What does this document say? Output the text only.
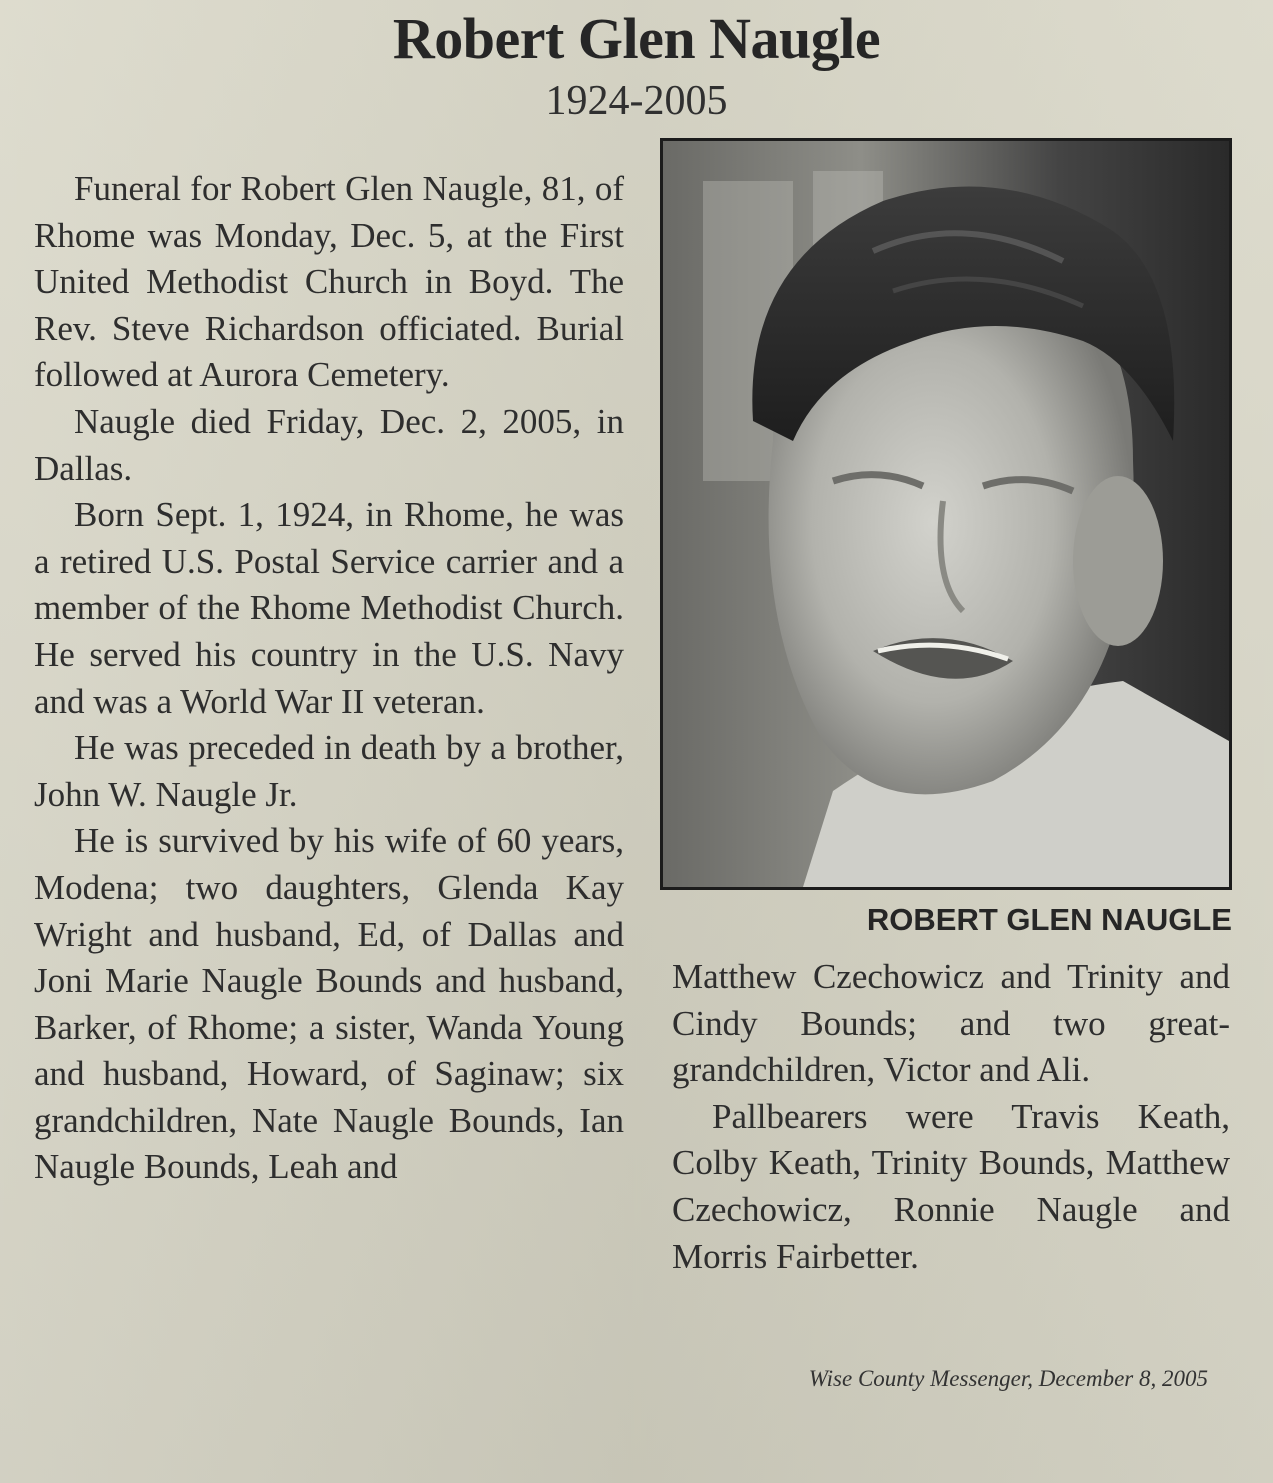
Robert Glen Naugle
1924-2005

Funeral for Robert Glen Naugle, 81, of Rhome was Monday, Dec. 5, at the First United Methodist Church in Boyd. The Rev. Steve Richardson officiated. Burial followed at Aurora Cemetery.

Naugle died Friday, Dec. 2, 2005, in Dallas.

Born Sept. 1, 1924, in Rhome, he was a retired U.S. Postal Service carrier and a member of the Rhome Methodist Church. He served his country in the U.S. Navy and was a World War II veteran.

He was preceded in death by a brother, John W. Naugle Jr.

He is survived by his wife of 60 years, Modena; two daughters, Glenda Kay Wright and husband, Ed, of Dallas and Joni Marie Naugle Bounds and husband, Barker, of Rhome; a sister, Wanda Young and husband, Howard, of Saginaw; six grandchildren, Nate Naugle Bounds, Ian Naugle Bounds, Leah and

ROBERT GLEN NAUGLE

Matthew Czechowicz and Trinity and Cindy Bounds; and two great-grandchildren, Victor and Ali.

Pallbearers were Travis Keath, Colby Keath, Trinity Bounds, Matthew Czechowicz, Ronnie Naugle and Morris Fairbetter.

Wise County Messenger, December 8, 2005
